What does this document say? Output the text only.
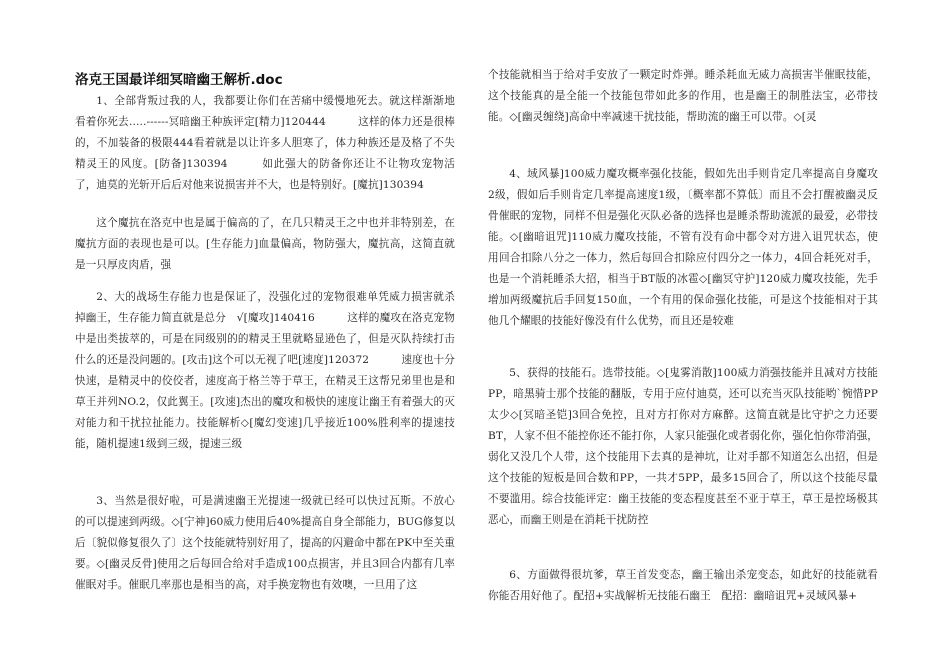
洛克王国最详细冥暗幽王解析.doc
1、全部背叛过我的人，我都要让你们在苦痛中缓慢地死去。就这样渐渐地看着你死去…..------冥暗幽王种族评定[精力]120444　　　这样的体力还是很棒的，不加装备的极限444看着就是以让许多人胆寒了，体力种族还是及格了不失精灵王的风度。[防备]130394　　　如此强大的防备你还让不让物攻宠物活了，迪莫的光斩开后后对他来说损害并不大，也是特别好。[魔抗]130394
这个魔抗在洛克中也是属于偏高的了，在几只精灵王之中也并非特别差，在魔抗方面的表现也是可以。[生存能力]血量偏高，物防强大，魔抗高，这简直就是一只厚皮肉盾，强
2、大的战场生存能力也是保证了，没强化过的宠物很难单凭威力损害就杀掉幽王，生存能力简直就是总分　√[魔攻]140416　　　这样的魔攻在洛克宠物中是出类拔萃的，可是在同级别的的精灵王里就略显逊色了，但是灭队持续打击什么的还是没问题的。[攻击]这个可以无视了吧[速度]120372　　　速度也十分快速，是精灵中的佼佼者，速度高于格兰等于草王，在精灵王这帮兄弟里也是和草王并列NO.2，仅此翼王。[攻速]杰出的魔攻和极快的速度让幽王有着强大的灭对能力和干扰拉扯能力。技能解析◇[魔幻变速]几乎接近100%胜利率的提速技能，随机提速1级到三级，提速三级
3、当然是很好啦，可是满速幽王光提速一级就已经可以快过瓦斯。不放心的可以提速到两级。◇[宁神]60威力使用后40%提高自身全部能力，BUG修复以后〔貌似修复很久了〕这个技能就特别好用了，提高的闪避命中都在PK中至关重要。◇[幽灵反骨]使用之后每回合给对手造成100点损害，并且3回合内都有几率催眠对手。催眠几率那也是相当的高，对手换宠物也有效噢，一旦用了这
个技能就相当于给对手安放了一颗定时炸弹。睡杀耗血无威力高损害半催眠技能，这个技能真的是全能一个技能包带如此多的作用，也是幽王的制胜法宝，必带技能。◇[幽灵缠绕]高命中率减速干扰技能，帮助流的幽王可以带。◇[灵
4、域风暴]100威力魔攻概率强化技能，假如先出手则肯定几率提高自身魔攻2级，假如后手则肯定几率提高速度1级，〔概率都不算低〕而且不会打醒被幽灵反骨催眠的宠物，同样不但是强化灭队必备的选择也是睡杀帮助流派的最爱，必带技能。◇[幽暗诅咒]110威力魔攻技能，不管有没有命中都令对方进入诅咒状态，使用回合扣除八分之一体力，然后每回合扣除应付四分之一体力，4回合耗死对手，也是一个消耗睡杀大招，相当于BT版的冰雹◇[幽冥守护]120威力魔攻技能，先手增加两级魔抗后手回复150血，一个有用的保命强化技能，可是这个技能相对于其他几个耀眼的技能好像没有什么优势，而且还是较难
5、获得的技能石。选带技能。◇[鬼雾消散]100威力消强技能并且减对方技能PP，暗黑骑士那个技能的翻版，专用于应付迪莫，还可以充当灭队技能哟`惋惜PP太少◇[冥暗圣铠]3回合免控，且对方打你对方麻醉。这简直就是比守护之力还要BT，人家不但不能控你还不能打你，人家只能强化或者弱化你，强化怕你带消强，弱化又没几个人带，这个技能用下去真的是神坑，让对手都不知道怎么出招，但是这个技能的短板是回合数和PP，一共才5PP，最多15回合了，所以这个技能尽量不要滥用。综合技能评定：幽王技能的变态程度甚至不亚于草王，草王是控场极其恶心，而幽王则是在消耗干扰防控
6、方面做得很坑爹，草王首发变态，幽王输出杀宠变态，如此好的技能就看你能否用好他了。配招+实战解析无技能石幽王　配招：幽暗诅咒+灵域风暴+
